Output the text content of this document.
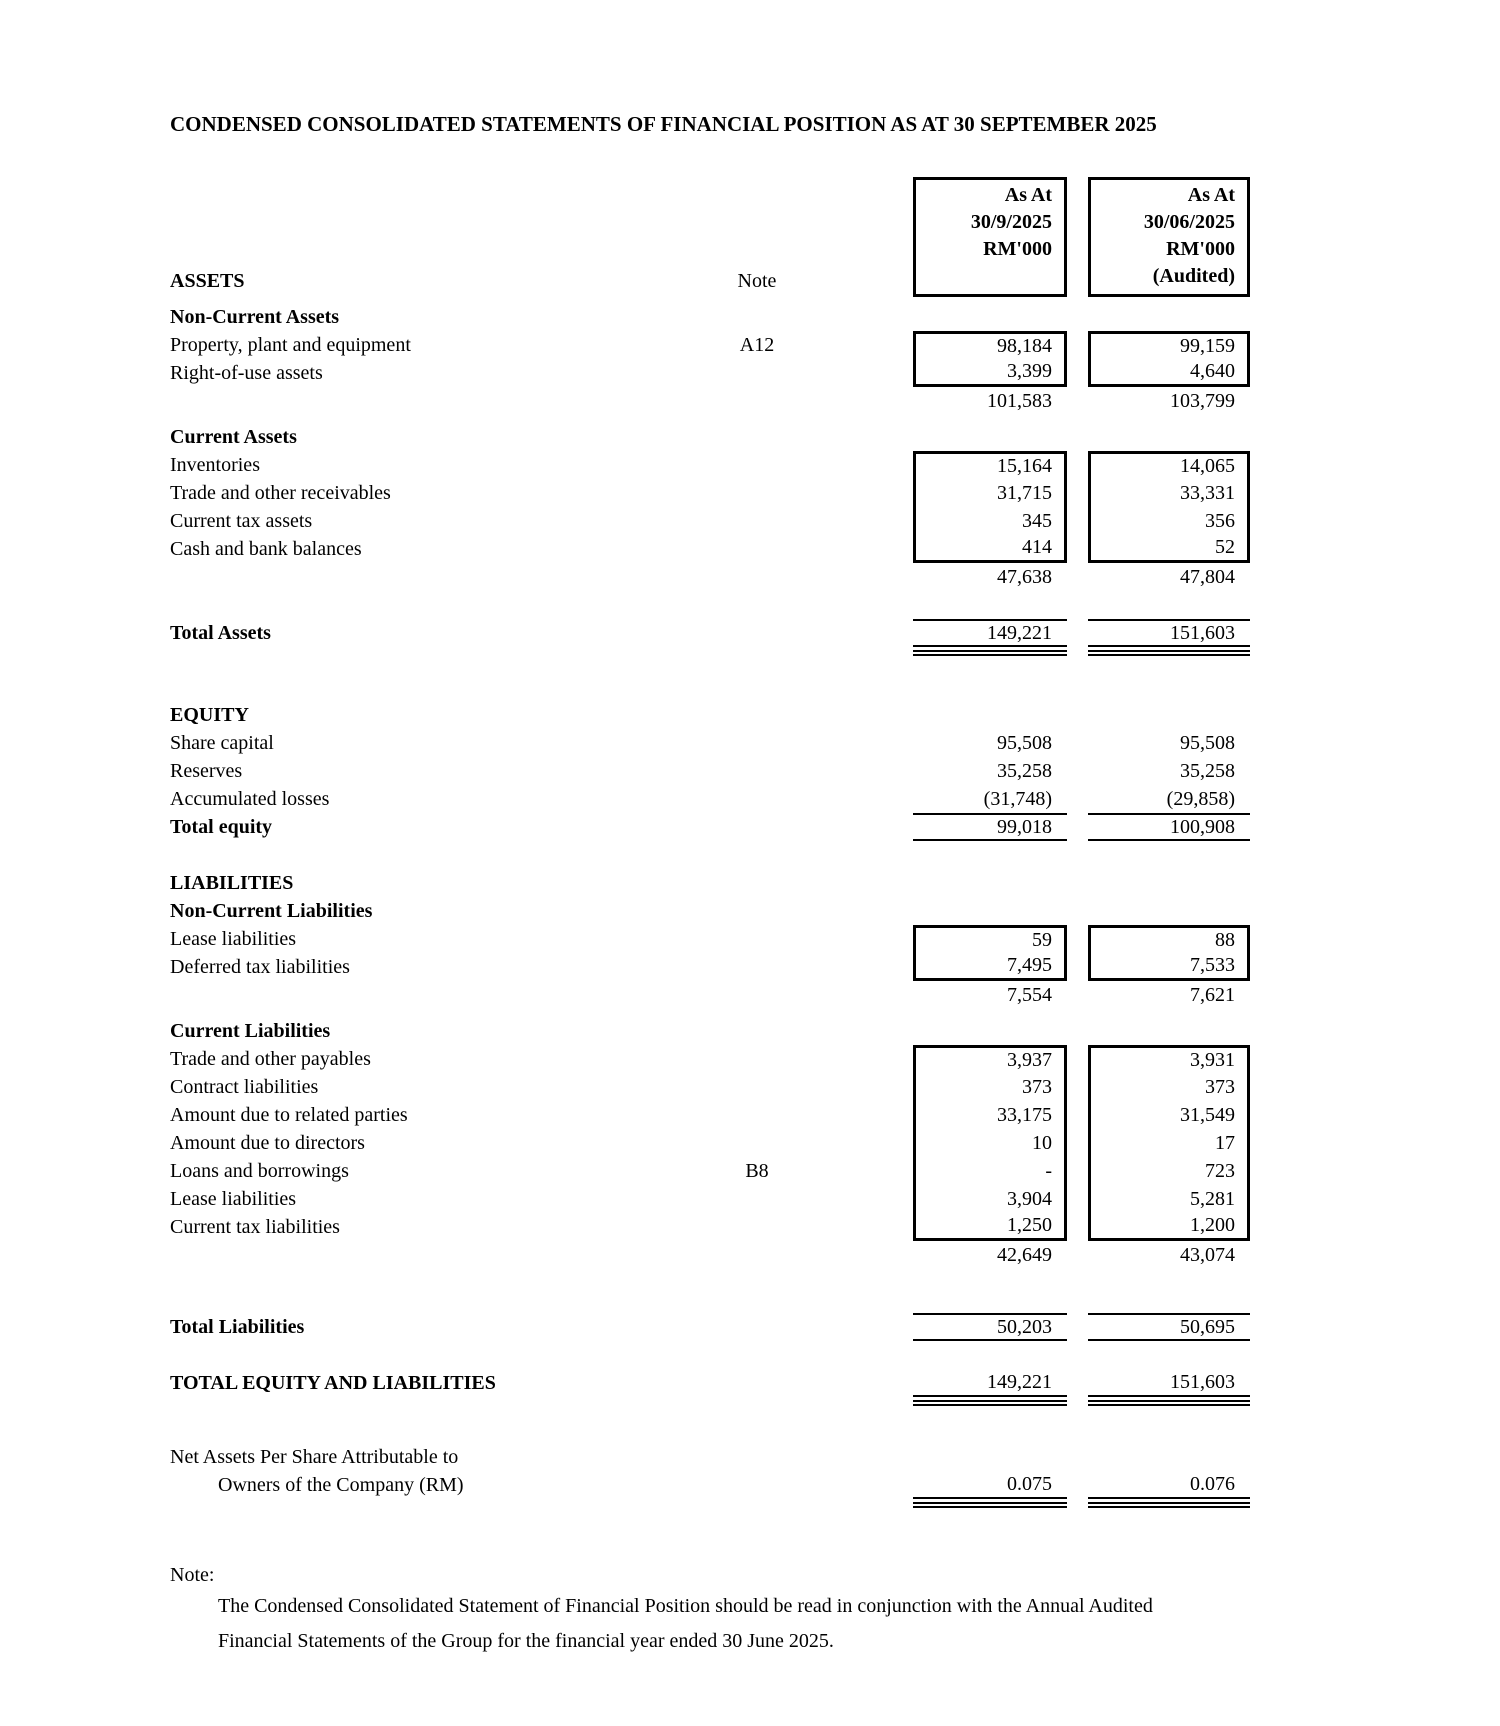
CONDENSED CONSOLIDATED STATEMENTS OF FINANCIAL POSITION AS AT 30 SEPTEMBER 2025
ASSETS	Note
As At
30/9/2025
RM'000
As At
30/06/2025
RM'000
(Audited)
Non-Current Assets
Property, plant and equipment	A12	98,184	99,159
Right-of-use assets	3,399	4,640
101,583	103,799
Current Assets
Inventories	15,164	14,065
Trade and other receivables	31,715	33,331
Current tax assets	345	356
Cash and bank balances	414	52
47,638	47,804
Total Assets	149,221	151,603
EQUITY
Share capital	95,508	95,508
Reserves	35,258	35,258
Accumulated losses	(31,748)	(29,858)
Total equity	99,018	100,908
LIABILITIES
Non-Current Liabilities
Lease liabilities	59	88
Deferred tax liabilities	7,495	7,533
7,554	7,621
Current Liabilities
Trade and other payables	3,937	3,931
Contract liabilities	373	373
Amount due to related parties	33,175	31,549
Amount due to directors	10	17
Loans and borrowings	B8	-	723
Lease liabilities	3,904	5,281
Current tax liabilities	1,250	1,200
42,649	43,074
Total Liabilities	50,203	50,695
TOTAL EQUITY AND LIABILITIES	149,221	151,603
Net Assets Per Share Attributable to
Owners of the Company (RM)	0.075	0.076
Note:
The Condensed Consolidated Statement of Financial Position should be read in conjunction with the Annual Audited Financial Statements of the Group for the financial year ended 30 June 2025.
